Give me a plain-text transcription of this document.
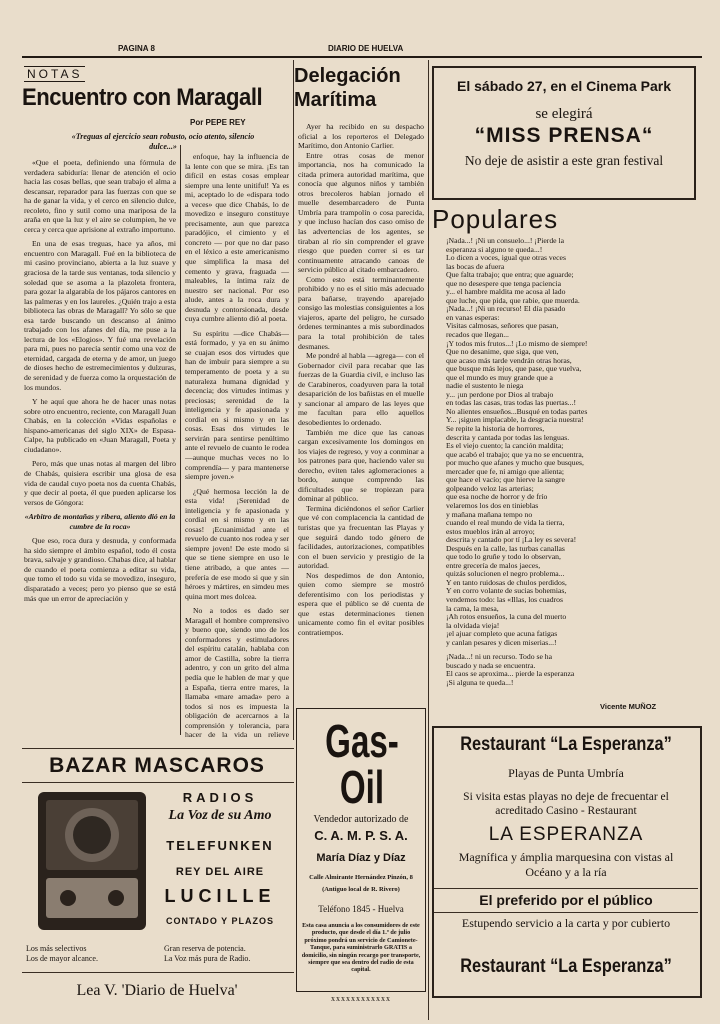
PAGINA 8	DIARIO DE HUELVA
NOTAS
Encuentro con Maragall
Por PEPE REY
«Treguas al ejercicio sean robusto, ocio atento, silencio dulce...»

«Que el poeta, definiendo una fórmula de verdadera sabiduría: llenar de atención el ocio hacia las cosas bellas, que sean trabajo el alma a descansar, reparador para las fuerzas con que se ha de ganar la vida, y el cerco en silencio dulce, recoleto, fino y sutil como una mariposa de la araña en que la luz y el aire se columpien, he ve cerca y cerca que aprisione al extraño importuno.

En una de esas treguas, hace ya años, mi encuentro con Maragall. Fué en la biblioteca de mi casino provinciano, abierta a la luz suave y graciosa de la tarde sus ventanas, toda silencio y soledad que se asoma a la plazoleta frontera, para gozar la algarabía de los pájaros cantores en las palmeras y en los laureles. ¿Quién trajo a esta biblioteca las obras de Maragall? Yo sólo se que esa tarde buscando un descanso al ánimo trabajado con los afanes del día, me puse a la lectura de los «Elogios». Y fué una revelación para mi, pues no parecía sentir como una voz de eternidad, cargada de eterna y de amor, un juego de dioses hecho de estremecimientos y dulzuras, de serenidad y de fuerza como la orquestación de los mundos.

Y he aquí que ahora he de hacer unas notas sobre otro encuentro, reciente, con Maragall Juan Chabás, en la colección «Vidas españolas e hispano-americanas del siglo XIX» de Espasa-Calpe, ha publicado en «Juan Maragall, Poeta y ciudadano».

Pero, más que unas notas al margen del libro de Chabás, quisiera escribir una glosa de esa vida de caudal cuyo poeta nos da cuenta Chabás, y que decir al poeta, él que pueden aplicarse los versos de Góngora:

«Arbitro de montañas y ribera, aliento dió en la cumbre de la roca»

Que eso, roca dura y desnuda, y conformada ha sido siempre el ámbito español, todo él costa brava, salvaje y grandioso. Chabas dice, al hablar de cuando el poeta comienza a editar su vida, que tomo el todo su vida se movedizo, inseguro, disparatado a veces; pero yo pienso que se está más que un error de apreciación y

enfoque, hay la influencia de la lente con que se mira. ¡Es tan difícil en estas cosas emplear siempre una lente unitiful! Ya es mi, aceptado lo de «dispara todo a veces» que dice Chabás, lo de movedizo e inseguro constituye precisamente, aun que parezca paradójico, el cimiento y el concreto — por que no dar paso en el léxico a este americanismo que simplifica la masa del cemento y grava, fraguada — maleables, la íntima raíz de nuestro ser nacional. Por eso alude, antes a la roca dura y desnuda y contorsionada, desde cuya cumbre aliento dió al poeta.

Su espíritu —dice Chabás— está formado, y ya en su ánimo se cuajan esos dos virtudes que han de imbuir para siempre a su temperamento de poeta y a su naturaleza humana dignidad y decencia; dos virtudes íntimas y preciosas; serenidad de la inteligencia y fe apasionada y cordial en si mismo y en las cosas. Esas dos virtudes le servirán para sentirse penúltimo ante el revuelo de cuanto le rodea —aunque muchas veces no lo comprendía— y para mantenerse siempre joven.»

¿Qué hermosa lección la de esta vida! ¡Serenidad de inteligencia y fe apasionada y cordial en si mismo y en las cosas! ¡Ecuanimidad ante el revuelo de cuanto nos rodea y ser siempre joven! De este modo si que se tiene siempre en uso le tiene atribado, a que antes — prefería de ese modo si que y sin héroes y mártires, en simdeu mes quina mort mes dolcea.

No a todos es dado ser Maragall el hombre comprensivo y bueno que, siendo uno de los conformadores y estimuladores del espíritu catalán, hablaba con amor de Castilla, sobre la tierra adentro, y con un grito del alma pedía que le hablen de mar y que a España, tierra entre mares, la llamaba «mare amada» pero a todos si nos es impuesta la obligación de acercarnos a la comprensión y tolerancia, para hacer de la vida un relieve

Delegación Marítima

Ayer ha recibido en su despacho oficial a los reporteros el Delegado Marítimo, don Antonio Carlier.

Entre otras cosas de menor importancia, nos ha comunicado la citada primera autoridad marítima, que conocía que algunos niños y también otros brecoleros habían jornado el muelle desembarcadero de Punta Umbría para trampolín o cosa parecida, y que incluso hacían dos caso omiso de las advertencias de los agentes, se tiraban al río sin comprender el grave riesgo que pueden correr si es tar continuamente atracando canoas de servicio público al citado embarcadero.

Como esto está terminantemente prohibido y no es el sitio más adecuado para bañarse, trayendo aparejado consigo las molestias consiguientes a los viajeros, aparte del peligro, he cursado órdenes terminantes a mis subordinados para la total prohibición de tales desmanes.

Me pondré al habla —agrega— con el Gobernador civil para recabar que las fuerzas de la Guardia civil, e incluso las de Carabineros, coadyuven para la total desaparición de los bañistas en el muelle y sancionar al amparo de las leyes que me facultan para ello aquellos desobedientes lo ordenado.

También me dice que las canoas cargan excesivamente los domingos en los viajes de regreso, y voy a conminar a los patrones para que, haciendo valer su derecho, eviten tales aglomeraciones a bordo, aunque comprendo las dificultades que se tropiezan para dominar al público.

Termina diciéndonos el señor Carlier que vé con complacencia la cantidad de turistas que ya frecuentan las Playas y que seguirá dando todo género de facilidades, autorizaciones, compatibles con el buen servicio y prestigio de la autoridad.

Nos despedimos de don Antonio, quien como siempre se mostró deferentísimo con los periodistas y espera que el público se dé cuenta de que estas determinaciones tienen unicamente como fin el evitar posibles contratiempos.

El sábado 27, en el Cinema Park
se elegirá
“MISS PRENSA“
No deje de asistir a este gran festival
Populares

¡Nada...! ¡Ni un consuelo...! ¡Pierde la

esperanza si alguno te queda...!

Lo dicen a voces, igual que otras veces

las bocas de afuera

Que falta trabajo; que entra; que aguarde;

que no desespere que tenga paciencia

y... el hambre maldita me acosa al lado

que luche, que pida, que rabie, que muerda.

¡Nada...! ¡Ni un recurso! El día pasado

en vanas esperas:

Visitas calmosas, señores que pasan,

recados que llegan...

¡Y todos mis frutos...! ¡Lo mismo de siempre!

Que no desanime, que siga, que ven,

que acaso más tarde vendrán otras horas,

que busque más lejos, que pase, que vuelva,

que el mundo es muy grande que a

nadie el sustento le niega

y... ¡un perdone por Dios al trabajo

en todas las casas, tras todas las puertas...!

No alientes ensueños...Busqué en todas partes

Y... ¡siguen implacable, la desgracia nuestra!

Se repite la historia de horrores,

descrita y cantada por todas las lenguas.

Es el viejo cuento; la canción maldita;

que acabó el trabajo; que ya no se encuentra,

por mucho que afanes y mucho que busques,

mercader que fe, ni amigo que alienta;

que hace el vacío; que hierve la sangre

golpeando veloz las arterias;

que esa noche de horror y de frío

velaremos los dos en tinieblas

y mañana mañana tempo no

cuando el real mundo de vida la tierra,

estos mueblos irán al arroyo;

descrita y cantado por tí ¡La ley es severa!

Después en la calle, las turbas canallas

que todo lo gruñe y todo lo observan,

entre grecería de malos jaeces,

quizás solucionen el negro problema...

Y en tanto ruidosas de chulos perdidos,

Y en corro volante de sucias bohemias,

vendemos todo: las «Illas, los cuadros

la cama, la mesa,

¡Ah rotos ensueños, la cuna del muerto

la olvidada vieja!

¡el ajuar completo que acuna fatigas

y canlan pesares y dicen miserias...!

¡Nada...! ni un recurso. Todo se ha

buscado y nada se encuentra.

El caos se aproxima... pierde la esperanza

¡Si alguna te queda...!

Vicente MUÑOZ
BAZAR MASCAROS
RADIOS
La Voz de su Amo
TELEFUNKEN
REY DEL AIRE
LUCILLE
CONTADO Y PLAZOS
Los más selectivos
Los de mayor alcance.
Gran reserva de potencia.
La Voz más pura de Radio.
Lea V. 'Diario de Huelva'
Gas-Oil
Vendedor autorizado de
C. A. M. P. S. A.
María Díaz y Díaz
Calle Almirante Hernández Pinzón, 8
(Antiguo local de R. Rivero)
Teléfono 1845 - Huelva
Esta casa anuncia a los consumidores de este producto, que desde el día 1.º de julio próximo pondrá un servicio de Camionete-Tanque, para suministrarlo GRATIS a domicilio, sin ningún recargo por transporte, siempre que sea dentro del radio de esta capital.
xxxxxxxxxxxx
Restaurant “La Esperanza”
Playas de Punta Umbría
Si visita estas playas no deje de frecuentar el acreditado Casino - Restaurant
LA ESPERANZA
Magnífica y ámplia marquesina con vistas al Océano y a la ría
El preferido por el público
Estupendo servicio a la carta y por cubierto
Restaurant “La Esperanza”
